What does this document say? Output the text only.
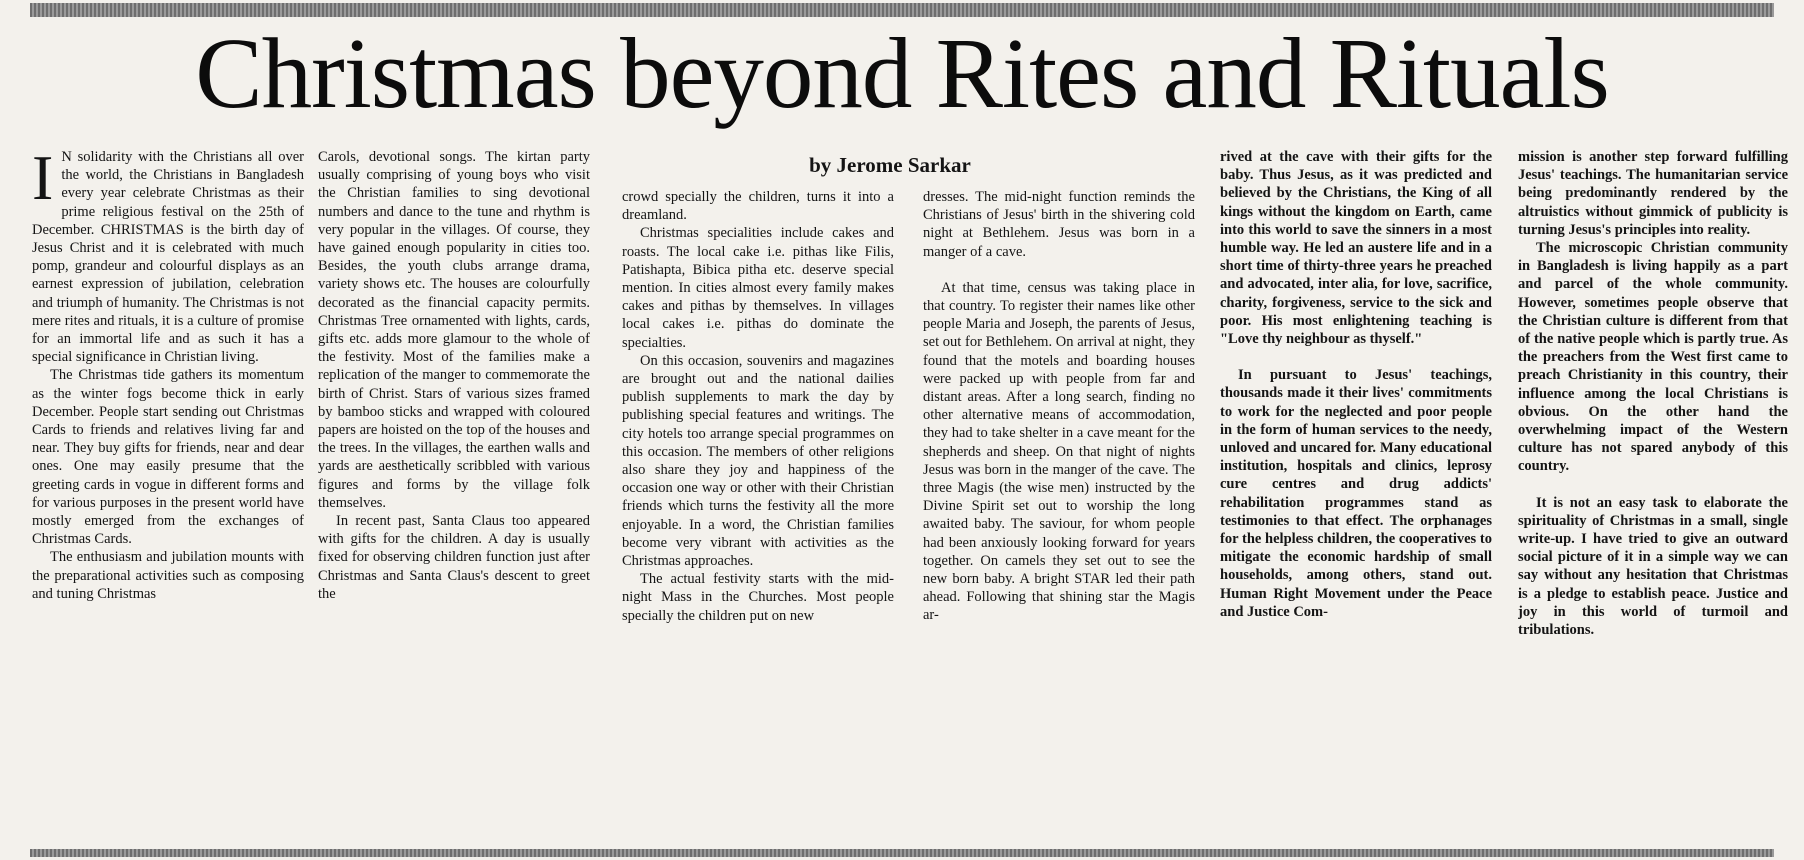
Christmas beyond Rites and Rituals
by Jerome Sarkar

I N solidarity with the Christians all over the world, the Christians in Bangladesh every year celebrate Christmas as their prime religious festival on the 25th of December. CHRISTMAS is the birth day of Jesus Christ and it is celebrated with much pomp, grandeur and colourful displays as an earnest expression of jubilation, celebration and triumph of humanity. The Christmas is not mere rites and rituals, it is a culture of promise for an immortal life and as such it has a special significance in Christian living.

The Christmas tide gathers its momentum as the winter fogs become thick in early December. People start sending out Christmas Cards to friends and relatives living far and near. They buy gifts for friends, near and dear ones. One may easily presume that the greeting cards in vogue in different forms and for various purposes in the present world have mostly emerged from the exchanges of Christmas Cards.

The enthusiasm and jubilation mounts with the preparational activities such as composing and tuning Christmas

Carols, devotional songs. The kirtan party usually comprising of young boys who visit the Christian families to sing devotional numbers and dance to the tune and rhythm is very popular in the villages. Of course, they have gained enough popularity in cities too. Besides, the youth clubs arrange drama, variety shows etc. The houses are colourfully decorated as the financial capacity permits. Christmas Tree ornamented with lights, cards, gifts etc. adds more glamour to the whole of the festivity. Most of the families make a replication of the manger to commemorate the birth of Christ. Stars of various sizes framed by bamboo sticks and wrapped with coloured papers are hoisted on the top of the houses and the trees. In the villages, the earthen walls and yards are aesthetically scribbled with various figures and forms by the village folk themselves.

In recent past, Santa Claus too appeared with gifts for the children. A day is usually fixed for observing children function just after Christmas and Santa Claus's descent to greet the

crowd specially the children, turns it into a dreamland.

Christmas specialities include cakes and roasts. The local cake i.e. pithas like Filis, Patishapta, Bibica pitha etc. deserve special mention. In cities almost every family makes cakes and pithas by themselves. In villages local cakes i.e. pithas do dominate the specialties.

On this occasion, souvenirs and magazines are brought out and the national dailies publish supplements to mark the day by publishing special features and writings. The city hotels too arrange special programmes on this occasion. The members of other religions also share they joy and happiness of the occasion one way or other with their Christian friends which turns the festivity all the more enjoyable. In a word, the Christian families become very vibrant with activities as the Christmas approaches.

The actual festivity starts with the mid-night Mass in the Churches. Most people specially the children put on new

dresses. The mid-night function reminds the Christians of Jesus' birth in the shivering cold night at Bethlehem. Jesus was born in a manger of a cave.

At that time, census was taking place in that country. To register their names like other people Maria and Joseph, the parents of Jesus, set out for Bethlehem. On arrival at night, they found that the motels and boarding houses were packed up with people from far and distant areas. After a long search, finding no other alternative means of accommodation, they had to take shelter in a cave meant for the shepherds and sheep. On that night of nights Jesus was born in the manger of the cave. The three Magis (the wise men) instructed by the Divine Spirit set out to worship the long awaited baby. The saviour, for whom people had been anxiously looking forward for years together. On camels they set out to see the new born baby. A bright STAR led their path ahead. Following that shining star the Magis ar-

rived at the cave with their gifts for the baby. Thus Jesus, as it was predicted and believed by the Christians, the King of all kings without the kingdom on Earth, came into this world to save the sinners in a most humble way. He led an austere life and in a short time of thirty-three years he preached and advocated, inter alia, for love, sacrifice, charity, forgiveness, service to the sick and poor. His most enlightening teaching is "Love thy neighbour as thyself."

In pursuant to Jesus' teachings, thousands made it their lives' commitments to work for the neglected and poor people in the form of human services to the needy, unloved and uncared for. Many educational institution, hospitals and clinics, leprosy cure centres and drug addicts' rehabilitation programmes stand as testimonies to that effect. The orphanages for the helpless children, the cooperatives to mitigate the economic hardship of small households, among others, stand out. Human Right Movement under the Peace and Justice Com-

mission is another step forward fulfilling Jesus' teachings. The humanitarian service being predominantly rendered by the altruistics without gimmick of publicity is turning Jesus's principles into reality.

The microscopic Christian community in Bangladesh is living happily as a part and parcel of the whole community. However, sometimes people observe that the Christian culture is different from that of the native people which is partly true. As the preachers from the West first came to preach Christianity in this country, their influence among the local Christians is obvious. On the other hand the overwhelming impact of the Western culture has not spared anybody of this country.

It is not an easy task to elaborate the spirituality of Christmas in a small, single write-up. I have tried to give an outward social picture of it in a simple way we can say without any hesitation that Christmas is a pledge to establish peace. Justice and joy in this world of turmoil and tribulations.
